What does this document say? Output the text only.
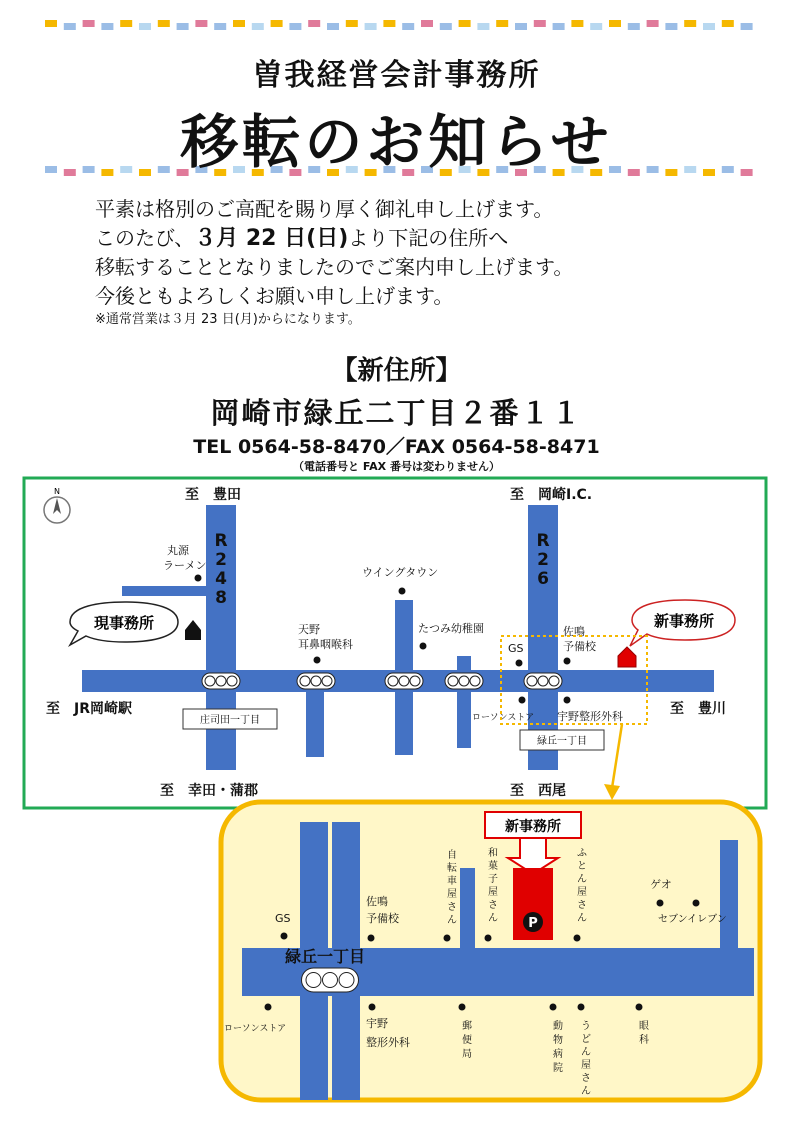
曽我経営会計事務所
移転のお知らせ
平素は格別のご高配を賜り厚く御礼申し上げます。
このたび、３月 22 日(日)より下記の住所へ
移転することとなりましたのでご案内申し上げます。
今後ともよろしくお願い申し上げます。
※通常営業は３月 23 日(月)からになります。
【新住所】
岡崎市緑丘二丁目２番１１
TEL 0564-58-8470／FAX 0564-58-8471
（電話番号と FAX 番号は変わりません）
N
R 2 4 8
R 2 6
至　豊田	至　岡崎I.C.
至　JR岡崎駅	至　豊川
至　幸田・蒲郡	至　西尾
丸源
ラーメン
ウイングタウン
天野
耳鼻咽喉科
たつみ幼稚園
GS
佐鳴
予備校
ローソンストア 宇野整形外科
庄司田一丁目
緑丘一丁目
現事務所	新事務所
新事務所
P
GS
佐鳴
予備校
自転車屋さん
和菓子屋さん
ふとん屋さん
ゲオ
セブンイレブン
緑丘一丁目
ローソンストア	宇野
整形外科
郵便局
動物病院
うどん屋さん
眼科
